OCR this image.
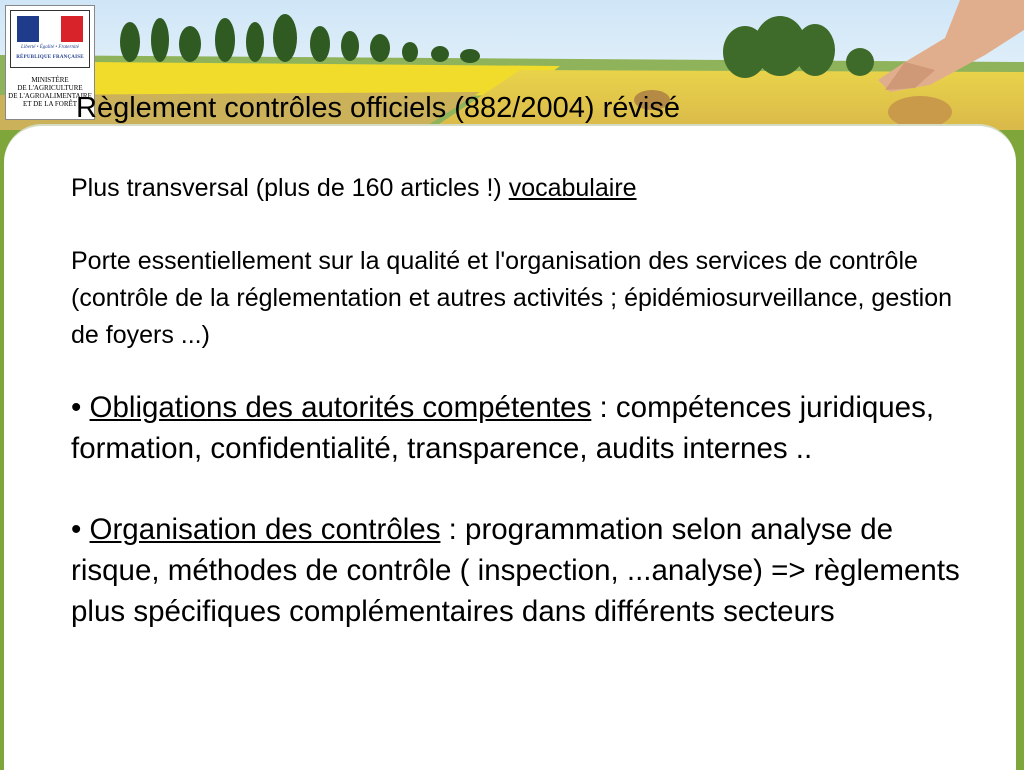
Liberté • Égalité • Fraternité
RÉPUBLIQUE FRANÇAISE
MINISTÈRE
DE L'AGRICULTURE
DE L'AGROALIMENTAIRE
ET DE LA FORÊT
Règlement contrôles officiels (882/2004) révisé

Plus transversal (plus de 160 articles !) vocabulaire

Porte essentiellement sur la qualité et l'organisation des services de contrôle (contrôle de la réglementation et autres activités ; épidémiosurveillance, gestion de foyers ...)

• Obligations des autorités compétentes : compétences juridiques, formation, confidentialité, transparence, audits internes ..

• Organisation des contrôles : programmation selon analyse de risque, méthodes de contrôle ( inspection, ...analyse) => règlements plus spécifiques complémentaires dans différents secteurs
